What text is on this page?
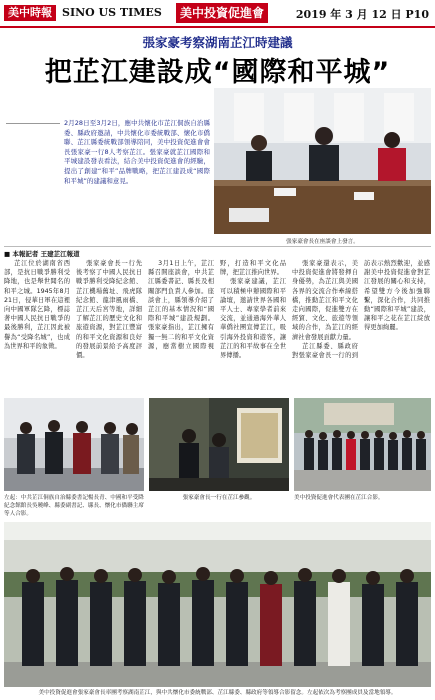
美中時報 SINO US TIMES	美中投資促進會	2019 年 3 月 12 日 P10
張家豪考察湖南芷江時建議
把芷江建設成“國際和平城”
2月28日至3月2日，應中共懷化市芷江侗族自治縣委、縣政府邀請，中共懷化市委統戰部、懷化市僑聯、芷江縣委統戰部領導陪同，美中投資促進會會長張家豪一行8人考察芷江。張家豪就芷江國際和平城建設發表看法，結合美中投資促進會的經驗，提出了創建“和平”品牌戰略，把芷江建設成“國際和平城”的建議和意見。
張家豪會長在座談會上發言。
■ 本報記者 王建芷江報道

芷江位於湖南省西部，是抗日戰爭勝利受降地，也是舉世聞名的和平之城。1945年8月21日，侵華日軍在這裡向中國軍隊乞降，標誌著中國人民抗日戰爭的最後勝利，芷江因此被譽為“受降名城”，也成為世界和平的象徵。

張家豪會長一行先後考察了中國人民抗日戰爭勝利受降紀念館、芷江機場舊址、飛虎隊紀念館、龍津風雨橋、芷江天后宮等地，詳細了解芷江的歷史文化和旅遊資源，對芷江豐富的和平文化資源和良好的發展前景給予高度評價。

3月1日上午，芷江縣召開座談會，中共芷江縣委書記、縣長及相關部門負責人參加。座談會上，縣領導介紹了芷江的基本情況和“國際和平城”建設規劃。張家豪指出，芷江擁有獨一無二的和平文化資源，應當樹立國際視野，打造和平文化品牌，把芷江推向世界。

張家豪建議，芷江可以積極申辦國際和平論壇，邀請世界各國和平人士、專家學者前來交流，並通過海外華人華僑社團宣傳芷江，吸引海外投資和遊客，讓芷江的和平故事在全世界傳播。

張家豪還表示，美中投資促進會將發揮自身優勢，為芷江與美國各界的交流合作牽線搭橋，推動芷江和平文化走向國際，促進雙方在經貿、文化、旅遊等領域的合作，為芷江的經濟社會發展貢獻力量。

芷江縣委、縣政府對張家豪會長一行的到訪表示熱烈歡迎，並感謝美中投資促進會對芷江發展的關心和支持，希望雙方今後加強聯繫，深化合作，共同推動“國際和平城”建設，讓和平之花在芷江綻放得更加絢麗。

左起：中共芷江侗族自治縣委書記楊長青、中國和平受降紀念館館長吳曉峰、縣委副書記、縣長、懷化市僑聯主席等人合影。
張家豪會長一行在芷江參觀。	美中投資促進會代表團在芷江合影。
美中投資促進會張家豪會長率團考察湖南芷江，與中共懷化市委統戰部、芷江縣委、縣政府等領導合影留念。左起依次為考察團成員及當地領導。
